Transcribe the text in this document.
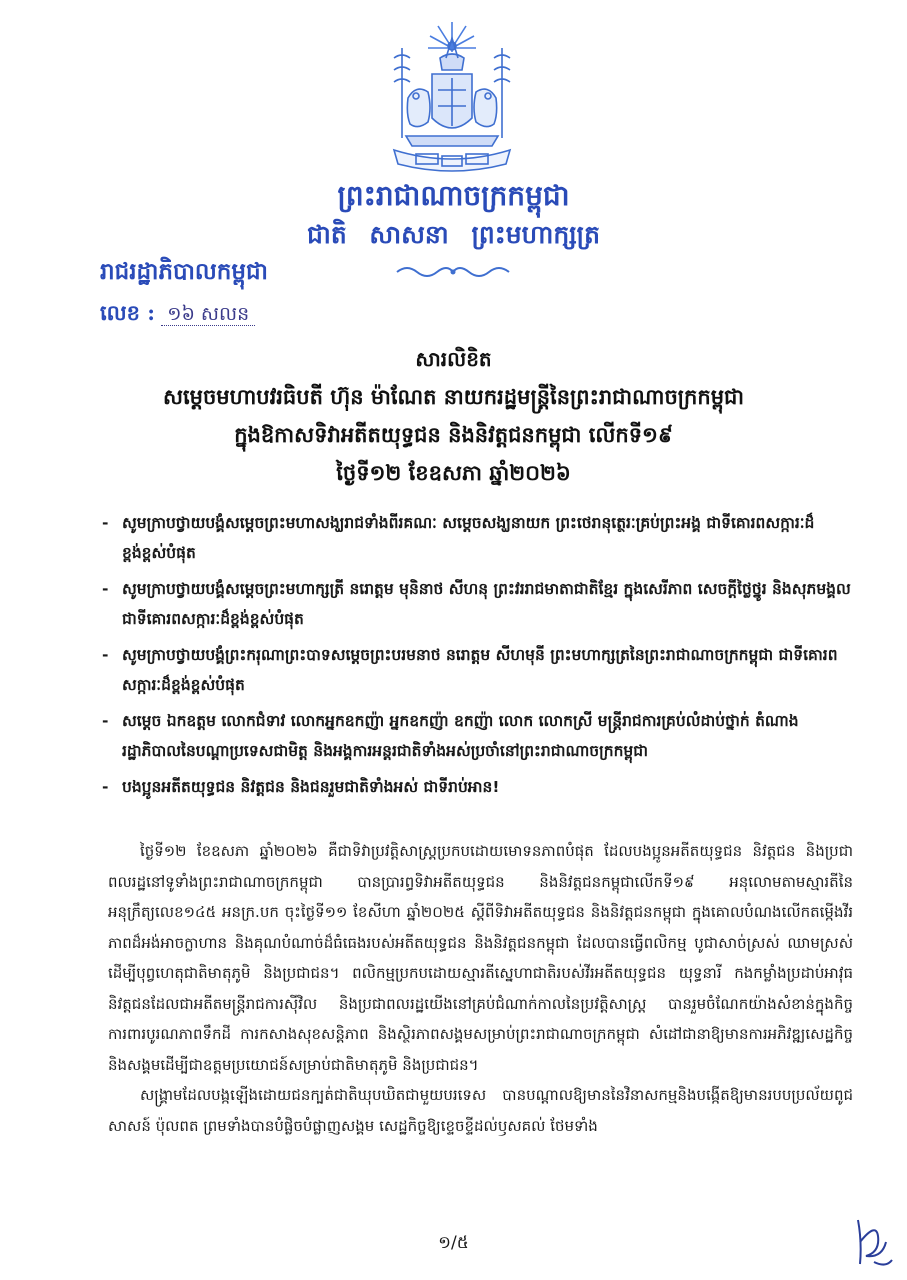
ព្រះរាជាណាចក្រកម្ពុជា
ជាតិ សាសនា ព្រះមហាក្សត្រ
រាជរដ្ឋាភិបាលកម្ពុជា
លេខ : ១៦ សលន
សារលិខិត
សម្តេចមហាបវរធិបតី ហ៊ុន ម៉ាណែត នាយករដ្ឋមន្ត្រីនៃព្រះរាជាណាចក្រកម្ពុជា
ក្នុងឱកាសទិវាអតីតយុទ្ធជន និងនិវត្តជនកម្ពុជា លើកទី១៩
ថ្ងៃទី១២ ខែឧសភា ឆ្នាំ២០២៦
- សូមក្រាបថ្វាយបង្គំសម្តេចព្រះមហាសង្ឃរាជទាំងពីរគណៈ សម្តេចសង្ឃនាយក ព្រះថេរានុត្ថេរៈគ្រប់ព្រះអង្គ ជាទីគោរពសក្ការៈដ៏ខ្ពង់ខ្ពស់បំផុត
- សូមក្រាបថ្វាយបង្គំសម្តេចព្រះមហាក្សត្រី នរោត្តម មុនិនាថ សីហនុ ព្រះវររាជមាតាជាតិខ្មែរ ក្នុងសេរីភាព សេចក្តីថ្លៃថ្នូរ និងសុភមង្គល ជាទីគោរពសក្ការៈដ៏ខ្ពង់ខ្ពស់បំផុត
- សូមក្រាបថ្វាយបង្គំព្រះករុណាព្រះបាទសម្តេចព្រះបរមនាថ នរោត្តម សីហមុនី ព្រះមហាក្សត្រនៃព្រះរាជាណាចក្រកម្ពុជា ជាទីគោរពសក្ការៈដ៏ខ្ពង់ខ្ពស់បំផុត
- សម្តេច ឯកឧត្តម លោកជំទាវ លោកអ្នកឧកញ៉ា អ្នកឧកញ៉ា ឧកញ៉ា លោក លោកស្រី មន្ត្រីរាជការគ្រប់លំដាប់ថ្នាក់ តំណាងរដ្ឋាភិបាលនៃបណ្តាប្រទេសជាមិត្ត និងអង្គការអន្តរជាតិទាំងអស់ប្រចាំនៅព្រះរាជាណាចក្រកម្ពុជា
- បងប្អូនអតីតយុទ្ធជន និវត្តជន និងជនរួមជាតិទាំងអស់ ជាទីរាប់អាន!

ថ្ងៃទី១២ ខែឧសភា ឆ្នាំ២០២៦ គឺជាទិវាប្រវត្តិសាស្ត្រប្រកបដោយមោទនភាពបំផុត ដែលបងប្អូនអតីតយុទ្ធជន និវត្តជន និងប្រជាពលរដ្ឋនៅទូទាំងព្រះរាជាណាចក្រកម្ពុជា បានប្រារព្ធទិវាអតីតយុទ្ធជន និងនិវត្តជនកម្ពុជាលើកទី១៩ អនុលោមតាមស្មារតីនៃអនុក្រឹត្យលេខ១៤៥ អនក្រ.បក ចុះថ្ងៃទី១១ ខែសីហា ឆ្នាំ២០២៥ ស្តីពីទិវាអតីតយុទ្ធជន និងនិវត្តជនកម្ពុជា ក្នុងគោលបំណងលើកតម្កើងវីរភាពដ៏អង់អាចក្លាហាន និងគុណបំណាច់ដ៏ធំធេងរបស់អតីតយុទ្ធជន និងនិវត្តជនកម្ពុជា ដែលបានធ្វើពលិកម្ម បូជាសាច់ស្រស់ ឈាមស្រស់ ដើម្បីបុព្វហេតុជាតិមាតុភូមិ និងប្រជាជន។ ពលិកម្មប្រកបដោយស្មារតីស្នេហាជាតិរបស់វីរអតីតយុទ្ធជន យុទ្ធនារី កងកម្លាំងប្រដាប់អាវុធ និវត្តជនដែលជាអតីតមន្ត្រីរាជការស៊ីវិល និងប្រជាពលរដ្ឋយើងនៅគ្រប់ជំណាក់កាលនៃប្រវត្តិសាស្ត្រ បានរួមចំណែកយ៉ាងសំខាន់ក្នុងកិច្ចការពារបូរណភាពទឹកដី ការកសាងសុខសន្តិភាព និងស្ថិរភាពសង្គមសម្រាប់ព្រះរាជាណាចក្រកម្ពុជា សំដៅជានាឱ្យមានការអភិវឌ្ឍសេដ្ឋកិច្ចនិងសង្គមដើម្បីជាឧត្តមប្រយោជន៍សម្រាប់ជាតិមាតុភូមិ និងប្រជាជន។

សង្គ្រាមដែលបង្កឡើងដោយជនក្បត់ជាតិឃុបឃិតជាមួយបរទេស បានបណ្តាលឱ្យមាននៃវិនាសកម្មនិងបង្កើតឱ្យមានរបបប្រល័យពូជសាសន៍ ប៉ុលពត ព្រមទាំងបានបំផ្លិចបំផ្លាញសង្គម សេដ្ឋកិច្ចឱ្យខ្ទេចខ្ទីដល់ឫសគល់ ថែមទាំង

១/៥
